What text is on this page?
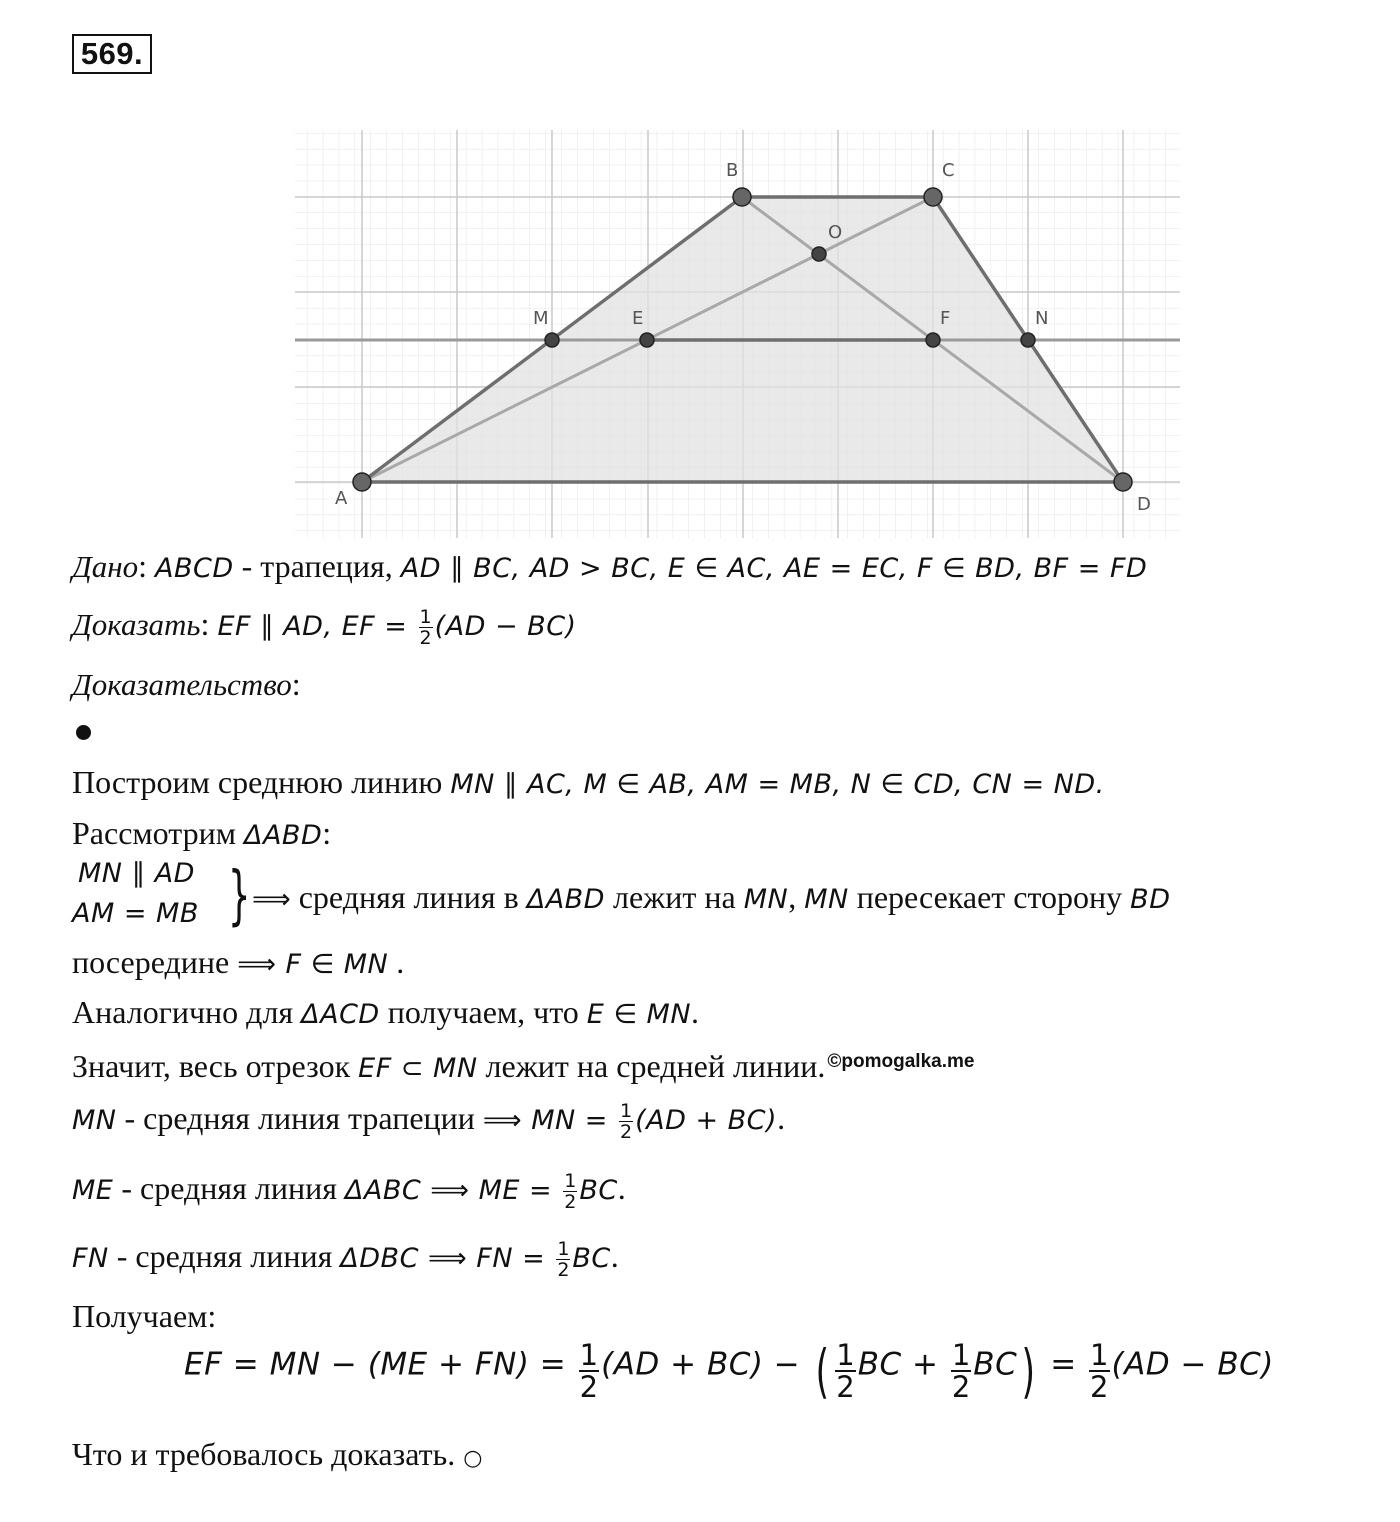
569.
A
B	C
D
O
M	E	F	N
Дано: ABCD - трапеция, AD ∥ BC, AD > BC, E ∈ AC, AE = EC, F ∈ BD, BF = FD
Доказать: EF ∥ AD, EF = $\frac{1}{2} (AD - BC)$
Доказательство:
Построим среднюю линию MN ∥ AC, M ∈ AB, AM = MB, N ∈ CD, CN = ND.
Рассмотрим ΔABD:
MN ∥ AD
AM = MB } ⟹ средняя линия в ΔABD лежит на MN, MN пересекает сторону BD
посередине ⟹ F ∈ MN .
Аналогично для ΔACD получаем, что E ∈ MN.
Значит, весь отрезок EF ⊂ MN лежит на средней линии. $^{©pomogalka.me}$
MN - средняя линия трапеции ⟹ MN = $\frac{1}{2} (AD + BC)$.
ME - средняя линия ΔABC ⟹ ME = $\frac{1}{2}$ BC.
FN - средняя линия ΔDBC ⟹ FN = $\frac{1}{2}$ BC.
Получаем:
EF = MN − $(ME + FN) = \frac{1}{2} (AD + BC)$ − ( $\frac{1}{2}$ BC + $\frac{1}{2} BC) = \frac{1}{2} (AD - BC)$
Что и требовалось доказать. ○
